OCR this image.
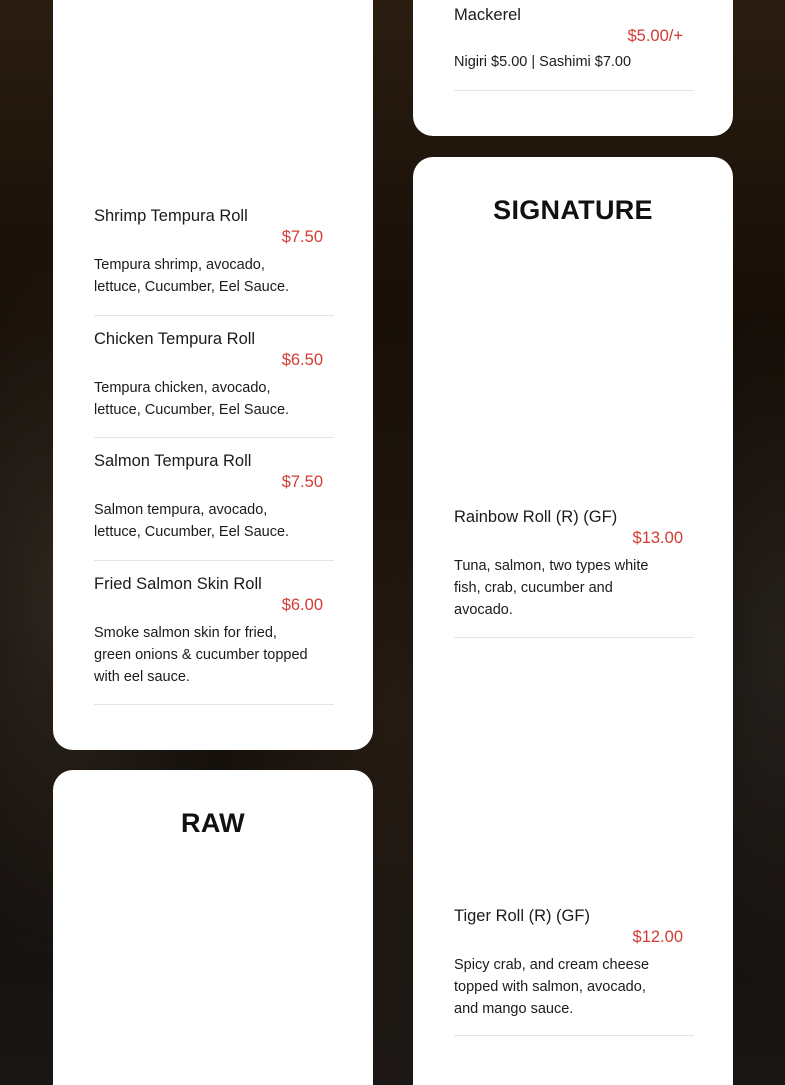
Shrimp Tempura Roll
$7.50
Tempura shrimp, avocado, lettuce, Cucumber, Eel Sauce.
Chicken Tempura Roll
$6.50
Tempura chicken, avocado, lettuce, Cucumber, Eel Sauce.
Salmon Tempura Roll
$7.50
Salmon tempura, avocado, lettuce, Cucumber, Eel Sauce.
Fried Salmon Skin Roll
$6.00
Smoke salmon skin for fried, green onions & cucumber topped with eel sauce.
RAW
Mackerel
$5.00/+
Nigiri $5.00 | Sashimi $7.00
SIGNATURE
Rainbow Roll (R) (GF)
$13.00
Tuna, salmon, two types white fish, crab, cucumber and avocado.
Tiger Roll (R) (GF)
$12.00
Spicy crab, and cream cheese topped with salmon, avocado, and mango sauce.
